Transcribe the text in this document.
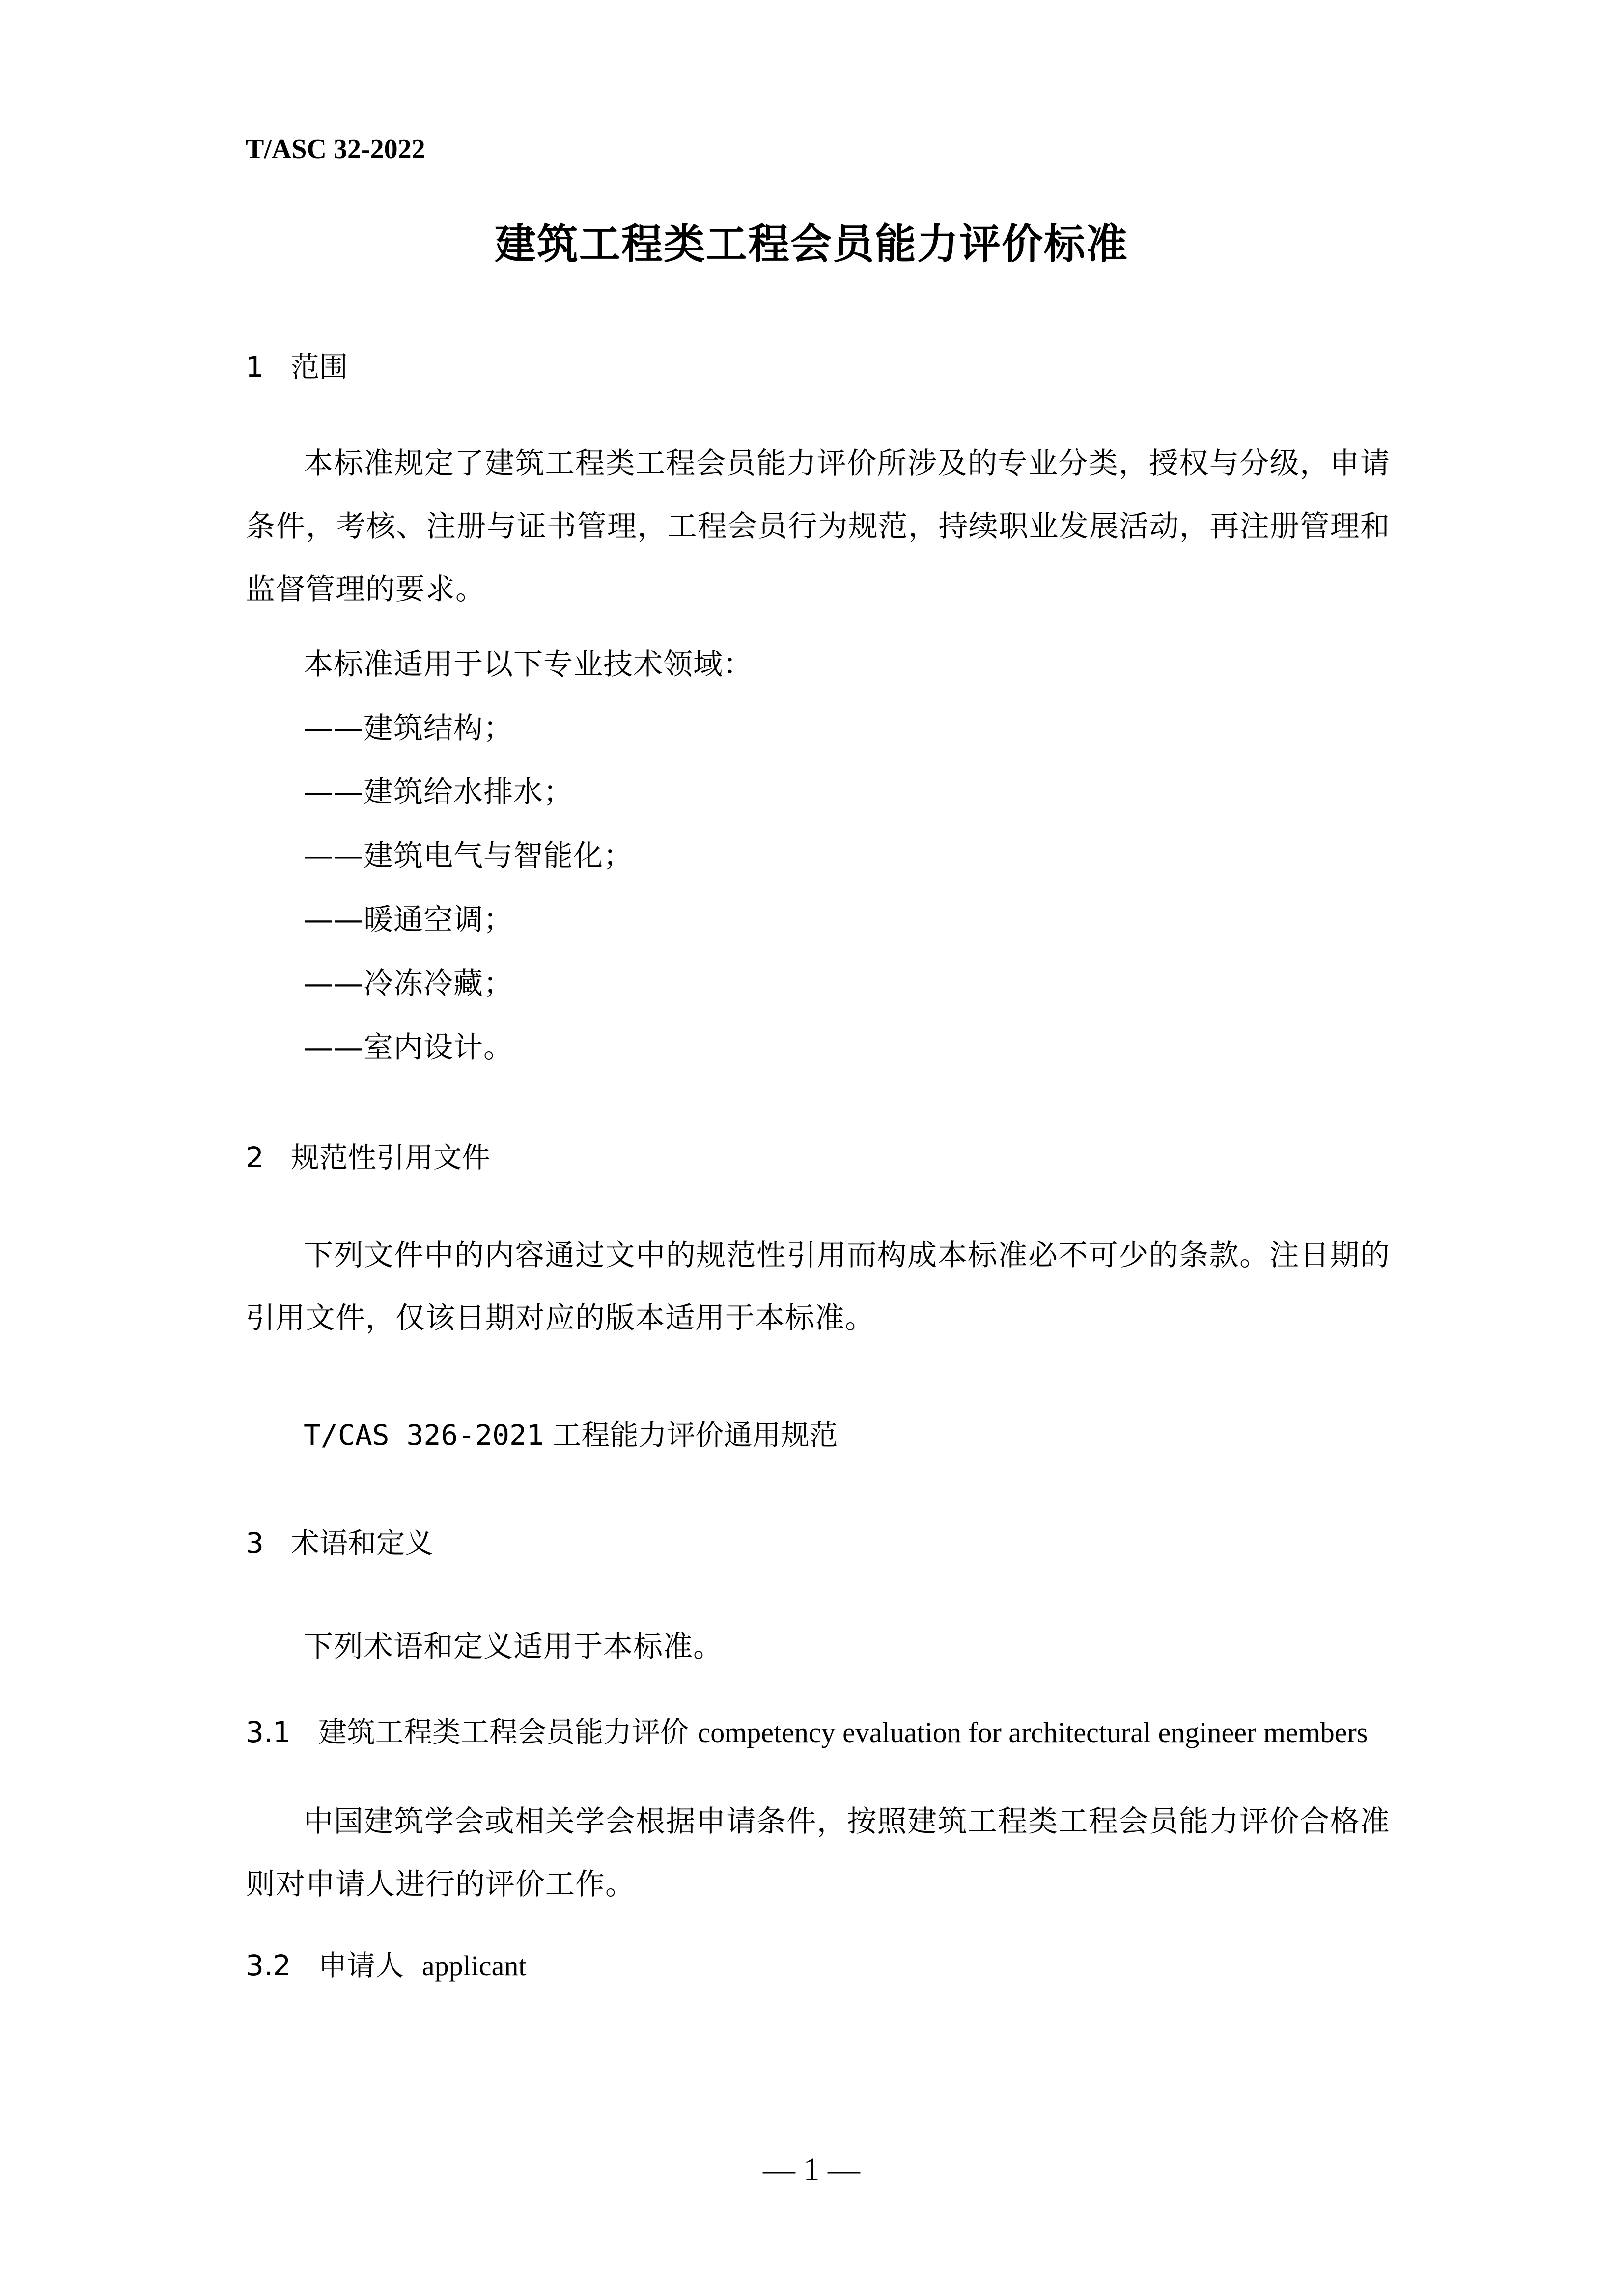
T/ASC 32-2022
建筑工程类工程会员能力评价标准
1 范围
本标准规定了建筑工程类工程会员能力评价所涉及的专业分类，授权与分级，申请条件，考核、注册与证书管理，工程会员行为规范，持续职业发展活动，再注册管理和监督管理的要求。
本标准适用于以下专业技术领域：
——建筑结构；
——建筑给水排水；
——建筑电气与智能化；
——暖通空调；
——冷冻冷藏；
——室内设计。
2 规范性引用文件
下列文件中的内容通过文中的规范性引用而构成本标准必不可少的条款。注日期的引用文件，仅该日期对应的版本适用于本标准。
T/CAS 326-2021 工程能力评价通用规范
3 术语和定义
下列术语和定义适用于本标准。
3.1 建筑工程类工程会员能力评价 competency evaluation for architectural engineer members
中国建筑学会或相关学会根据申请条件，按照建筑工程类工程会员能力评价合格准则对申请人进行的评价工作。
3.2 申请人 applicant
— 1 —
